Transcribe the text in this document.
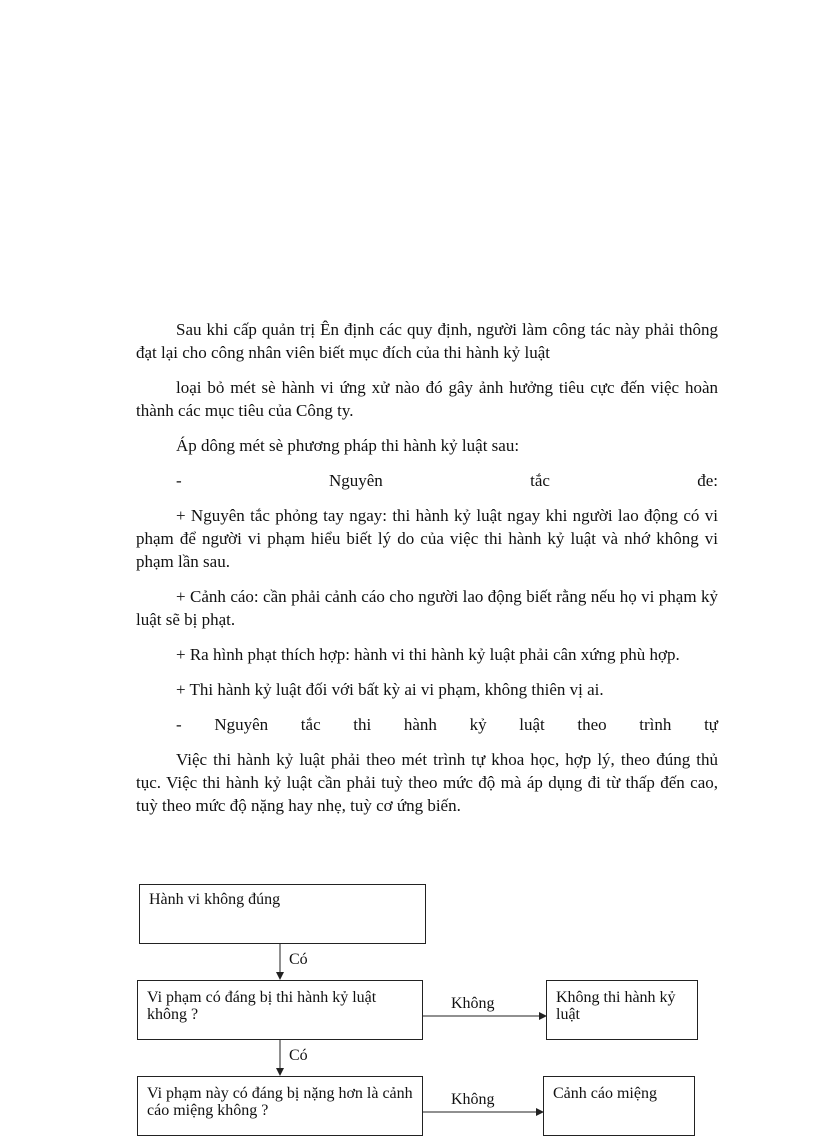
Sau khi cấp quản trị Ên định các quy định, người làm công tác này phải thông đạt lại cho công nhân viên biết mục đích của thi hành kỷ luật

loại bỏ mét sè hành vi ứng xử nào đó gây ảnh hưởng tiêu cực đến việc hoàn thành các mục tiêu của Công ty.

Áp dông mét sè phương pháp thi hành kỷ luật sau:

- Nguyên tắc đe:

+ Nguyên tắc phỏng tay ngay: thi hành kỷ luật ngay khi người lao động có vi phạm để người vi phạm hiểu biết lý do của việc thi hành kỷ luật và nhớ không vi phạm lần sau.

+ Cảnh cáo: cần phải cảnh cáo cho người lao động biết rằng nếu họ vi phạm kỷ luật sẽ bị phạt.

+ Ra hình phạt thích hợp: hành vi thi hành kỷ luật phải cân xứng phù hợp.

+ Thi hành kỷ luật đối với bất kỳ ai vi phạm, không thiên vị ai.

- Nguyên tắc thi hành kỷ luật theo trình tự

Việc thi hành kỷ luật phải theo mét trình tự khoa học, hợp lý, theo đúng thủ tục. Việc thi hành kỷ luật cần phải tuỳ theo mức độ mà áp dụng đi từ thấp đến cao, tuỳ theo mức độ nặng hay nhẹ, tuỳ cơ ứng biến.

Hành vi không đúng
Có
Vi phạm có đáng bị thi hành kỷ luật không ?
Không	Không thi hành kỷ luật
Có
Vi phạm này có đáng bị nặng hơn là cảnh cáo miệng không ?
Không	Cảnh cáo miệng
